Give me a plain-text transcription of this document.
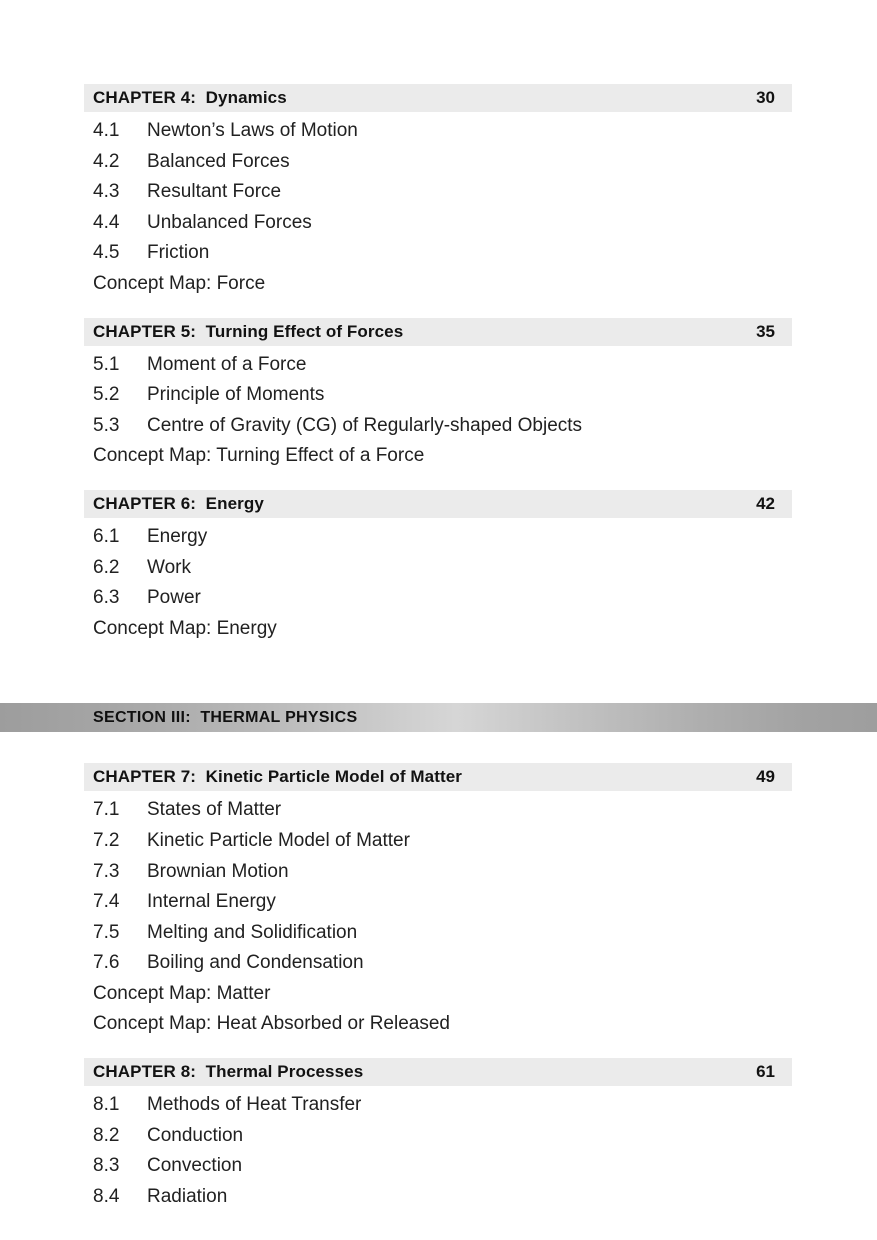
CHAPTER 4:  Dynamics	30
4.1	Newton’s Laws of Motion
4.2	Balanced Forces
4.3	Resultant Force
4.4	Unbalanced Forces
4.5	Friction
Concept Map: Force
CHAPTER 5:  Turning Effect of Forces	35
5.1	Moment of a Force
5.2	Principle of Moments
5.3	Centre of Gravity (CG) of Regularly-shaped Objects
Concept Map: Turning Effect of a Force
CHAPTER 6:  Energy	42
6.1	Energy
6.2	Work
6.3	Power
Concept Map: Energy
SECTION III:  THERMAL PHYSICS
CHAPTER 7:  Kinetic Particle Model of Matter	49
7.1	States of Matter
7.2	Kinetic Particle Model of Matter
7.3	Brownian Motion
7.4	Internal Energy
7.5	Melting and Solidification
7.6	Boiling and Condensation
Concept Map: Matter
Concept Map: Heat Absorbed or Released
CHAPTER 8:  Thermal Processes	61
8.1	Methods of Heat Transfer
8.2	Conduction
8.3	Convection
8.4	Radiation
